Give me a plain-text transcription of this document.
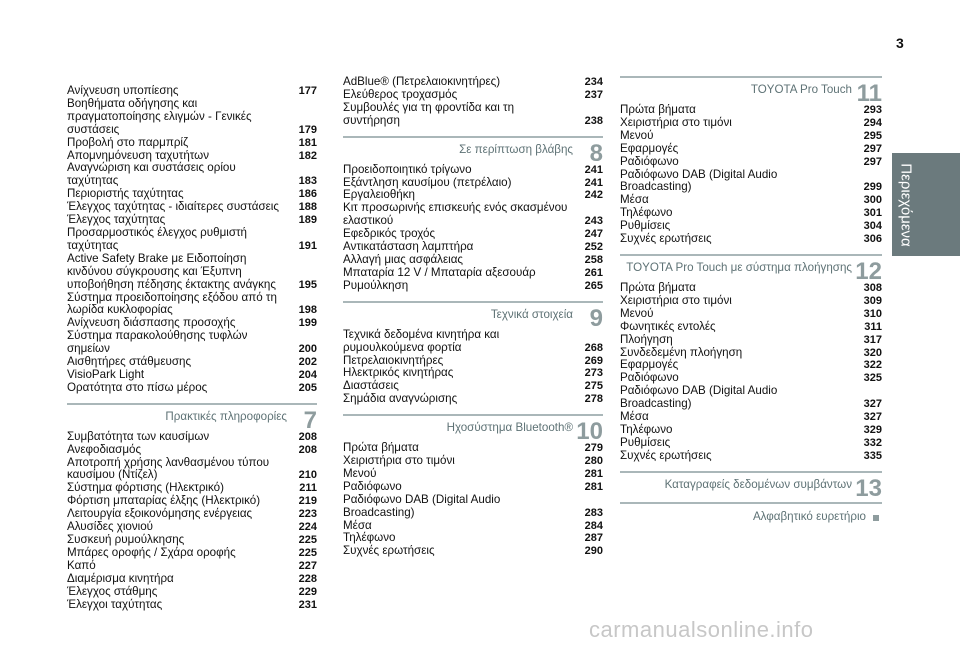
3
Περιεχόμενα
Ανίχνευση υποπίεσης	177
Βοηθήματα οδήγησης και πραγματοποίησης ελιγμών - Γενικές συστάσεις	179
Προβολή στο παρμπρίζ	181
Απομνημόνευση ταχυτήτων	182
Αναγνώριση και συστάσεις ορίου ταχύτητας	183
Περιοριστής ταχύτητας	186
Έλεγχος ταχύτητας - ιδιαίτερες συστάσεις	188
Έλεγχος ταχύτητας	189
Προσαρμοστικός έλεγχος ρυθμιστή ταχύτητας	191
Active Safety Brake με Ειδοποίηση κινδύνου σύγκρουσης και Έξυπνη υποβοήθηση πέδησης έκτακτης ανάγκης	195
Σύστημα προειδοποίησης εξόδου από τη λωρίδα κυκλοφορίας	198
Ανίχνευση διάσπασης προσοχής	199
Σύστημα παρακολούθησης τυφλών σημείων	200
Αισθητήρες στάθμευσης	202
VisioPark Light	204
Ορατότητα στο πίσω μέρος	205
Πρακτικές πληροφορίες 7
Συμβατότητα των καυσίμων	208
Ανεφοδιασμός	208
Αποτροπή χρήσης λανθασμένου τύπου καυσίμου (Ντίζελ)	210
Σύστημα φόρτισης (Ηλεκτρικό)	211
Φόρτιση μπαταρίας έλξης (Ηλεκτρικό)	219
Λειτουργία εξοικονόμησης ενέργειας	223
Αλυσίδες χιονιού	224
Συσκευή ρυμούλκησης	225
Μπάρες οροφής / Σχάρα οροφής	225
Καπό	227
Διαμέρισμα κινητήρα	228
Έλεγχος στάθμης	229
Έλεγχοι ταχύτητας	231
AdBlue® (Πετρελαιοκινητήρες)	234
Ελεύθερος τροχασμός	237
Συμβουλές για τη φροντίδα και τη συντήρηση	238
Σε περίπτωση βλάβης 8
Προειδοποιητικό τρίγωνο	241
Εξάντληση καυσίμου (πετρέλαιο)	241
Εργαλειοθήκη	242
Κιτ προσωρινής επισκευής ενός σκασμένου ελαστικού	243
Εφεδρικός τροχός	247
Αντικατάσταση λαμπτήρα	252
Αλλαγή μιας ασφάλειας	258
Μπαταρία 12 V / Μπαταρία αξεσουάρ	261
Ρυμούλκηση	265
Τεχνικά στοιχεία 9
Τεχνικά δεδομένα κινητήρα και ρυμουλκούμενα φορτία	268
Πετρελαιοκινητήρες	269
Ηλεκτρικός κινητήρας	273
Διαστάσεις	275
Σημάδια αναγνώρισης	278
Ηχοσύστημα Bluetooth® 10
Πρώτα βήματα	279
Χειριστήρια στο τιμόνι	280
Μενού	281
Ραδιόφωνο	281
Ραδιόφωνο DAB (Digital Audio Broadcasting)	283
Μέσα	284
Τηλέφωνο	287
Συχνές ερωτήσεις	290
TOYOTA Pro Touch 11
Πρώτα βήματα	293
Χειριστήρια στο τιμόνι	294
Μενού	295
Εφαρμογές	297
Ραδιόφωνο	297
Ραδιόφωνο DAB (Digital Audio Broadcasting)	299
Μέσα	300
Τηλέφωνο	301
Ρυθμίσεις	304
Συχνές ερωτήσεις	306
TOYOTA Pro Touch με σύστημα πλοήγησης 12
Πρώτα βήματα	308
Χειριστήρια στο τιμόνι	309
Μενού	310
Φωνητικές εντολές	311
Πλοήγηση	317
Συνδεδεμένη πλοήγηση	320
Εφαρμογές	322
Ραδιόφωνο	325
Ραδιόφωνο DAB (Digital Audio Broadcasting)	327
Μέσα	327
Τηλέφωνο	329
Ρυθμίσεις	332
Συχνές ερωτήσεις	335
Καταγραφείς δεδομένων συμβάντων 13
Αλφαβητικό ευρετήριο
carmanualsonline.info
